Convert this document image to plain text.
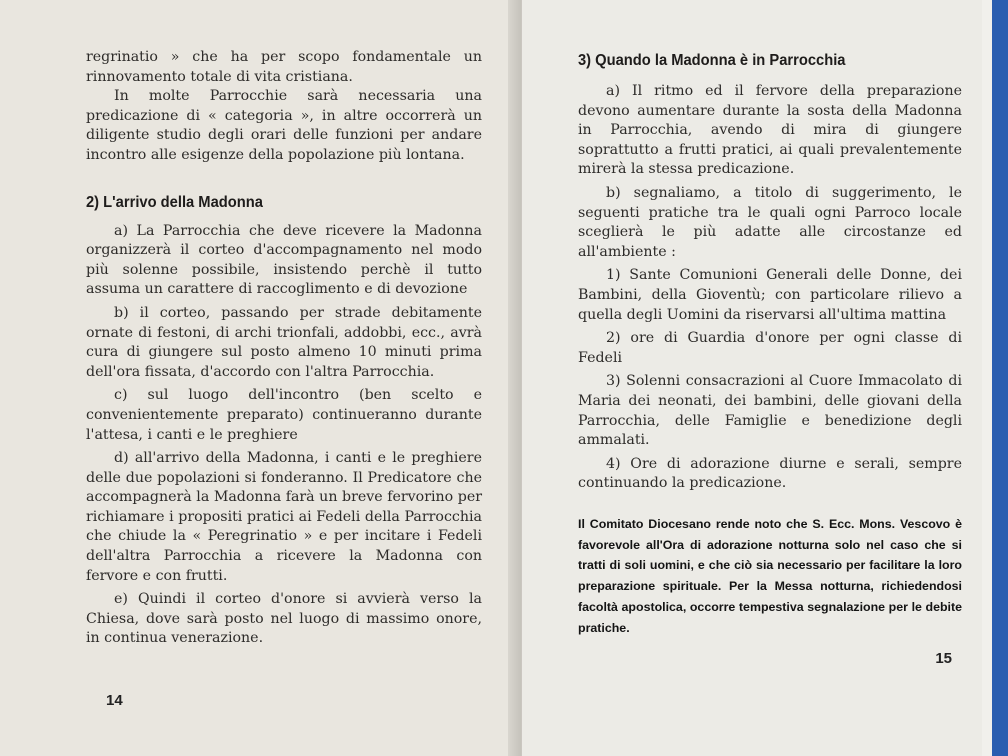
regrinatio » che ha per scopo fondamentale un rinnovamento totale di vita cristiana.

In molte Parrocchie sarà necessaria una predicazione di « categoria », in altre occorrerà un diligente studio degli orari delle funzioni per andare incontro alle esigenze della popolazione più lontana.

2) L'arrivo della Madonna

a) La Parrocchia che deve ricevere la Madonna organizzerà il corteo d'accompagnamento nel modo più solenne possibile, insistendo perchè il tutto assuma un carattere di raccoglimento e di devozione

b) il corteo, passando per strade debitamente ornate di festoni, di archi trionfali, addobbi, ecc., avrà cura di giungere sul posto almeno 10 minuti prima dell'ora fissata, d'accordo con l'altra Parrocchia.

c) sul luogo dell'incontro (ben scelto e convenientemente preparato) continueranno durante l'attesa, i canti e le preghiere

d) all'arrivo della Madonna, i canti e le preghiere delle due popolazioni si fonderanno. Il Predicatore che accompagnerà la Madonna farà un breve fervorino per richiamare i propositi pratici ai Fedeli della Parrocchia che chiude la « Peregrinatio » e per incitare i Fedeli dell'altra Parrocchia a ricevere la Madonna con fervore e con frutti.

e) Quindi il corteo d'onore si avvierà verso la Chiesa, dove sarà posto nel luogo di massimo onore, in continua venerazione.

14
3) Quando la Madonna è in Parrocchia

a) Il ritmo ed il fervore della preparazione devono aumentare durante la sosta della Madonna in Parrocchia, avendo di mira di giungere soprattutto a frutti pratici, ai quali prevalentemente mirerà la stessa predicazione.

b) segnaliamo, a titolo di suggerimento, le seguenti pratiche tra le quali ogni Parroco locale sceglierà le più adatte alle circostanze ed all'ambiente :

1) Sante Comunioni Generali delle Donne, dei Bambini, della Gioventù; con particolare rilievo a quella degli Uomini da riservarsi all'ultima mattina

2) ore di Guardia d'onore per ogni classe di Fedeli

3) Solenni consacrazioni al Cuore Immacolato di Maria dei neonati, dei bambini, delle giovani della Parrocchia, delle Famiglie e benedizione degli ammalati.

4) Ore di adorazione diurne e serali, sempre continuando la predicazione.

Il Comitato Diocesano rende noto che S. Ecc. Mons. Vescovo è favorevole all'Ora di adorazione notturna solo nel caso che si tratti di soli uomini, e che ciò sia necessario per facilitare la loro preparazione spirituale. Per la Messa notturna, richiedendosi facoltà apostolica, occorre tempestiva segnalazione per le debite pratiche.
15
